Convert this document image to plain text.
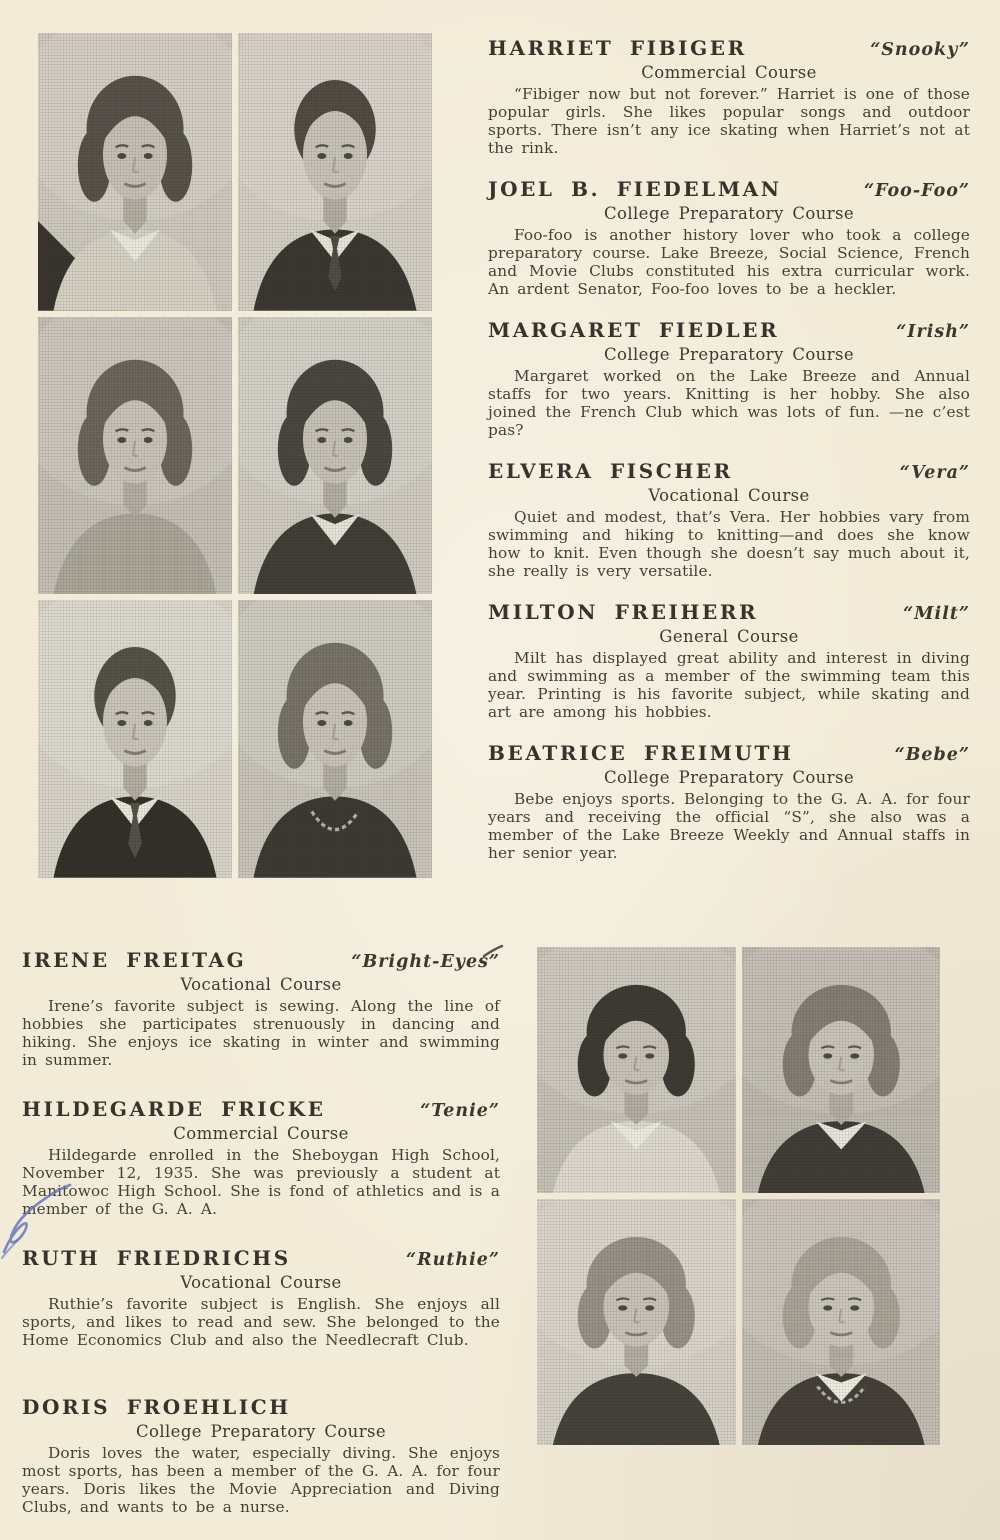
HARRIET FIBIGER	“Snooky”
Commercial Course

“Fibiger now but not forever.” Harriet is one of those popular girls. She likes popular songs and outdoor sports. There isn’t any ice skating when Harriet’s not at the rink.

JOEL B. FIEDELMAN	“Foo-Foo”
College Preparatory Course

Foo-foo is another history lover who took a college preparatory course. Lake Breeze, Social Science, French and Movie Clubs constituted his extra curricular work. An ardent Senator, Foo-foo loves to be a heckler.

MARGARET FIEDLER	“Irish”
College Preparatory Course

Margaret worked on the Lake Breeze and Annual staffs for two years. Knitting is her hobby. She also joined the French Club which was lots of fun. —ne c’est pas?

ELVERA FISCHER	“Vera”
Vocational Course

Quiet and modest, that’s Vera. Her hobbies vary from swimming and hiking to knitting—and does she know how to knit. Even though she doesn’t say much about it, she really is very versatile.

MILTON FREIHERR	“Milt”
General Course

Milt has displayed great ability and interest in diving and swimming as a member of the swimming team this year. Printing is his favorite subject, while skating and art are among his hobbies.

BEATRICE FREIMUTH	“Bebe”
College Preparatory Course

Bebe enjoys sports. Belonging to the G. A. A. for four years and receiving the official “S”, she also was a member of the Lake Breeze Weekly and Annual staffs in her senior year.

IRENE FREITAG	“Bright-Eyes”
Vocational Course

Irene’s favorite subject is sewing. Along the line of hobbies she participates strenuously in dancing and hiking. She enjoys ice skating in winter and swimming in summer.

HILDEGARDE FRICKE	“Tenie”
Commercial Course

Hildegarde enrolled in the Sheboygan High School, November 12, 1935. She was previously a student at Manitowoc High School. She is fond of athletics and is a member of the G. A. A.

RUTH FRIEDRICHS	“Ruthie”
Vocational Course

Ruthie’s favorite subject is English. She enjoys all sports, and likes to read and sew. She belonged to the Home Economics Club and also the Needlecraft Club.

DORIS FROEHLICH
College Preparatory Course

Doris loves the water, especially diving. She enjoys most sports, has been a member of the G. A. A. for four years. Doris likes the Movie Appreciation and Diving Clubs, and wants to be a nurse.
